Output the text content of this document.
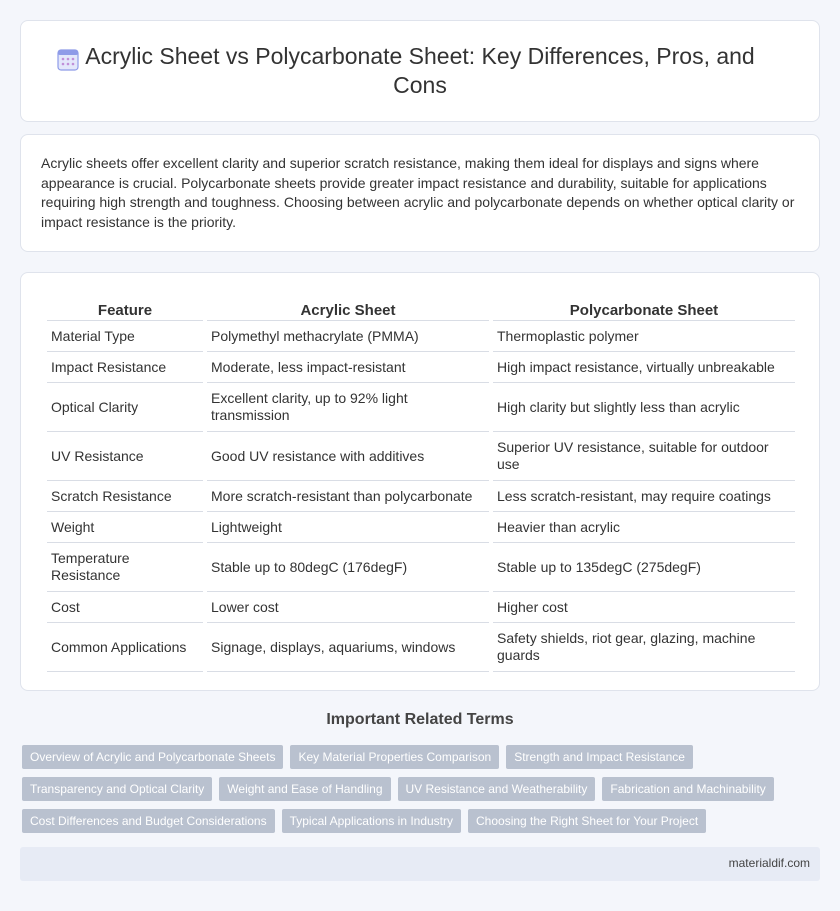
Acrylic Sheet vs Polycarbonate Sheet: Key Differences, Pros, and Cons

Acrylic sheets offer excellent clarity and superior scratch resistance, making them ideal for displays and signs where appearance is crucial. Polycarbonate sheets provide greater impact resistance and durability, suitable for applications requiring high strength and toughness. Choosing between acrylic and polycarbonate depends on whether optical clarity or impact resistance is the priority.

Feature	Acrylic Sheet	Polycarbonate Sheet
Material Type	Polymethyl methacrylate (PMMA)	Thermoplastic polymer
Impact Resistance	Moderate, less impact-resistant	High impact resistance, virtually unbreakable
Optical Clarity	Excellent clarity, up to 92% light transmission	High clarity but slightly less than acrylic
UV Resistance	Good UV resistance with additives	Superior UV resistance, suitable for outdoor use
Scratch Resistance	More scratch-resistant than polycarbonate	Less scratch-resistant, may require coatings
Weight	Lightweight	Heavier than acrylic
Temperature Resistance	Stable up to 80degC (176degF)	Stable up to 135degC (275degF)
Cost	Lower cost	Higher cost
Common Applications	Signage, displays, aquariums, windows	Safety shields, riot gear, glazing, machine guards
Important Related Terms
Overview of Acrylic and Polycarbonate Sheets	Key Material Properties Comparison	Strength and Impact Resistance
Transparency and Optical Clarity	Weight and Ease of Handling	UV Resistance and Weatherability	Fabrication and Machinability
Cost Differences and Budget Considerations	Typical Applications in Industry	Choosing the Right Sheet for Your Project
materialdif.com
